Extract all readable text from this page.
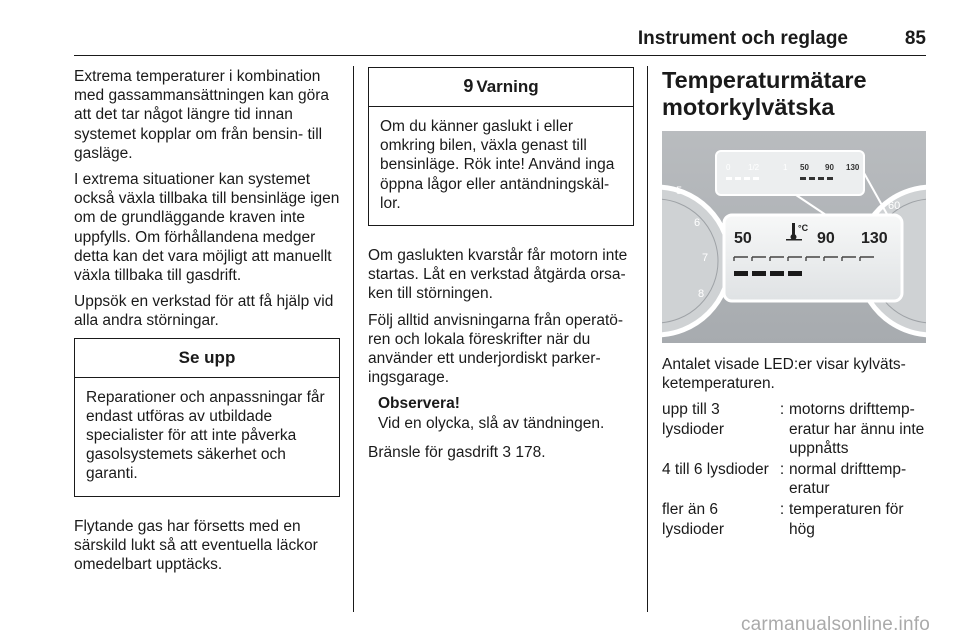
Instrument och reglage	85

Extrema temperaturer i kombination med gassammansättningen kan göra att det tar något längre tid innan systemet kopplar om från bensin- till gasläge.

I extrema situationer kan systemet också växla tillbaka till bensinläge igen om de grundläggande kraven inte uppfylls. Om förhållandena medger detta kan det vara möjligt att manuellt växla tillbaka till gasdrift.

Uppsök en verkstad för att få hjälp vid alla andra störningar.

Se upp
Reparationer och anpassningar får endast utföras av utbildade specialister för att inte påverka gasolsystemets säkerhet och garanti.

Flytande gas har försetts med en särskild lukt så att eventuella läckor omedelbart upptäcks.

9 Varning
Om du känner gaslukt i eller omkring bilen, växla genast till bensinläge. Rök inte! Använd inga öppna lågor eller antändningskäl-lor.

Om gaslukten kvarstår får motorn inte startas. Låt en verkstad åtgärda orsa-ken till störningen.

Följ alltid anvisningarna från operatö-ren och lokala föreskrifter när du använder ett underjordiskt parker-ingsgarage.

Observera!
Vid en olycka, slå av tändningen.

Bränsle för gasdrift 3 178.

Temperaturmätare motorkylvätska
5
6
7
8
60
0 1/2	1 50 90 130
50	90 130
°C

Antalet visade LED:er visar kylväts-ketemperaturen.

upp till 3 lysdioder	:	motorns drifttemp-eratur har ännu inte uppnåtts
4 till 6 lysdioder	:	normal drifttemp-eratur
fler än 6 lysdioder	:	temperaturen för hög
carmanualsonline.info
